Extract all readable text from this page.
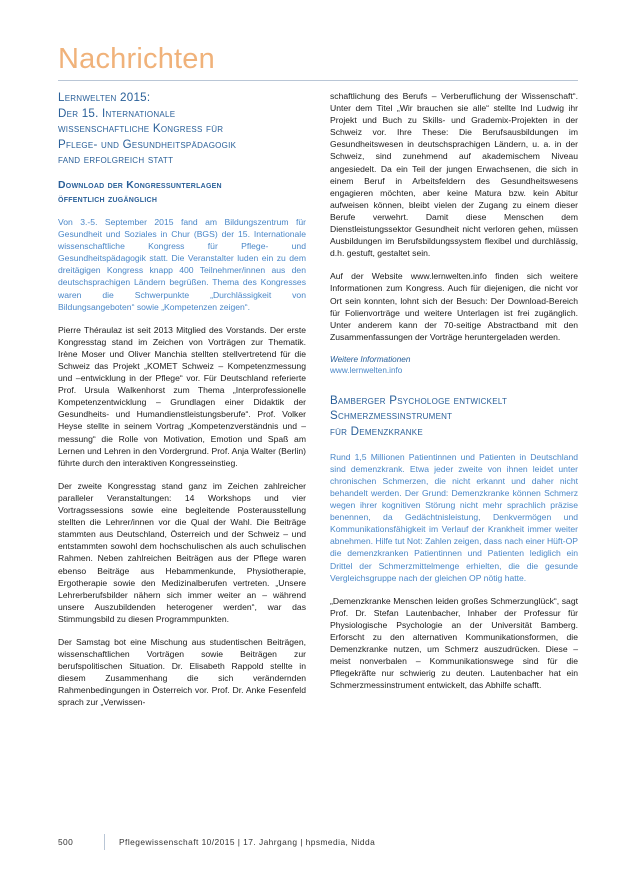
Nachrichten
Lernwelten 2015:
Der 15. Internationale
wissenschaftliche Kongress für
Pflege- und Gesundheitspädagogik
fand erfolgreich statt
Download der Kongressunterlagen
öffentlich zugänglich

Von 3.-5. September 2015 fand am Bildungszentrum für Gesundheit und Soziales in Chur (BGS) der 15. Internationale wissenschaftliche Kongress für Pflege- und Gesundheitspädagogik statt. Die Veranstalter luden ein zu dem dreitägigen Kongress knapp 400 Teilnehmer/innen aus den deutschsprachigen Ländern begrüßen. Thema des Kongresses waren die Schwerpunkte „Durchlässigkeit von Bildungsangeboten“ sowie „Kompetenzen zeigen“.

Pierre Théraulaz ist seit 2013 Mitglied des Vorstands. Der erste Kongresstag stand im Zeichen von Vorträgen zur Thematik. Irène Moser und Oliver Manchia stellten stellvertretend für die Schweiz das Projekt „KOMET Schweiz – Kompetenzmessung und –entwicklung in der Pflege“ vor. Für Deutschland referierte Prof. Ursula Walkenhorst zum Thema „Interprofessionelle Kompetenzentwicklung – Grundlagen einer Didaktik der Gesundheits- und Humandienstleistungsberufe“. Prof. Volker Heyse stellte in seinem Vortrag „Kompetenzverständnis und –messung“ die Rolle von Motivation, Emotion und Spaß am Lernen und Lehren in den Vordergrund. Prof. Anja Walter (Berlin) führte durch den interaktiven Kongresseinstieg.

Der zweite Kongresstag stand ganz im Zeichen zahlreicher paralleler Veranstaltungen: 14 Workshops und vier Vortragssessions sowie eine begleitende Posterausstellung stellten die Lehrer/innen vor die Qual der Wahl. Die Beiträge stammten aus Deutschland, Österreich und der Schweiz – und entstammten sowohl dem hochschulischen als auch schulischen Rahmen. Neben zahlreichen Beiträgen aus der Pflege waren ebenso Beiträge aus Hebammenkunde, Physiotherapie, Ergotherapie sowie den Medizinalberufen vertreten. „Unsere Lehrerberufsbilder nähern sich immer weiter an – während unsere Auszubildenden heterogener werden“, war das Stimmungsbild zu diesen Programmpunkten.

Der Samstag bot eine Mischung aus studentischen Beiträgen, wissenschaftlichen Vorträgen sowie Beiträgen zur berufspolitischen Situation. Dr. Elisabeth Rappold stellte in diesem Zusammenhang die sich verändernden Rahmenbedingungen in Österreich vor. Prof. Dr. Anke Fesenfeld sprach zur „Verwissen-

schaftlichung des Berufs – Verberuflichung der Wissenschaft“. Unter dem Titel „Wir brauchen sie alle“ stellte Ind Ludwig ihr Projekt und Buch zu Skills- und Grademix-Projekten in der Schweiz vor. Ihre These: Die Berufsausbildungen im Gesundheitswesen in deutschsprachigen Ländern, u. a. in der Schweiz, sind zunehmend auf akademischem Niveau angesiedelt. Da ein Teil der jungen Erwachsenen, die sich in einem Beruf in Arbeitsfeldern des Gesundheitswesens engagieren möchten, aber keine Matura bzw. kein Abitur aufweisen können, bleibt vielen der Zugang zu einem dieser Berufe verwehrt. Damit diese Menschen dem Dienstleistungssektor Gesundheit nicht verloren gehen, müssen Ausbildungen im Berufsbildungssystem flexibel und durchlässig, d.h. gestuft, gestaltet sein.

Auf der Website www.lernwelten.info finden sich weitere Informationen zum Kongress. Auch für diejenigen, die nicht vor Ort sein konnten, lohnt sich der Besuch: Der Download-Bereich für Folienvorträge und weitere Unterlagen ist frei zugänglich. Unter anderem kann der 70-seitige Abstractband mit den Zusammenfassungen der Vorträge heruntergeladen werden.

Weitere Informationen

www.lernwelten.info
Bamberger Psychologe entwickelt
Schmerzmessinstrument
für Demenzkranke

Rund 1,5 Millionen Patientinnen und Patienten in Deutschland sind demenzkrank. Etwa jeder zweite von ihnen leidet unter chronischen Schmerzen, die nicht erkannt und daher nicht behandelt werden. Der Grund: Demenzkranke können Schmerz wegen ihrer kognitiven Störung nicht mehr sprachlich präzise benennen, da Gedächtnisleistung, Denkvermögen und Kommunikationsfähigkeit im Verlauf der Krankheit immer weiter abnehmen. Hilfe tut Not: Zahlen zeigen, dass nach einer Hüft-OP die demenzkranken Patientinnen und Patienten lediglich ein Drittel der Schmerzmittelmenge erhielten, die die gesunde Vergleichsgruppe nach der gleichen OP nötig hatte.

„Demenzkranke Menschen leiden großes Schmerzunglück“, sagt Prof. Dr. Stefan Lautenbacher, Inhaber der Professur für Physiologische Psychologie an der Universität Bamberg. Erforscht zu den alternativen Kommunikationsformen, die Demenzkranke nutzen, um Schmerz auszudrücken. Diese – meist nonverbalen – Kommunikationswege sind für die Pflegekräfte nur schwierig zu deuten. Lautenbacher hat ein Schmerzmessinstrument entwickelt, das Abhilfe schafft.

500	Pflegewissenschaft 10/2015 | 17. Jahrgang | hpsmedia, Nidda
